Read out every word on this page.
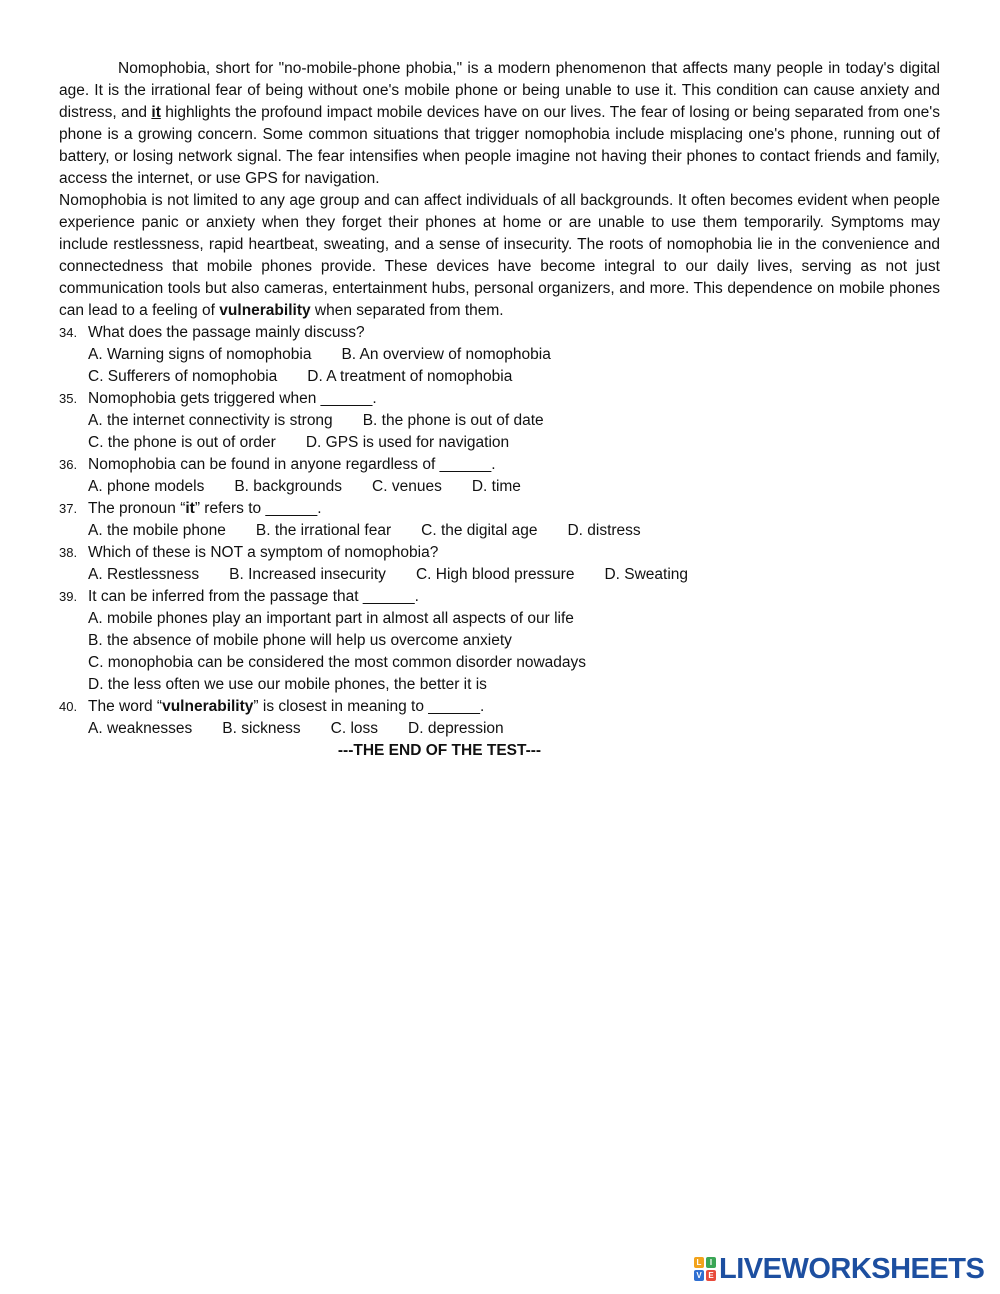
Nomophobia, short for "no-mobile-phone phobia," is a modern phenomenon that affects many people in today's digital age. It is the irrational fear of being without one's mobile phone or being unable to use it. This condition can cause anxiety and distress, and it highlights the profound impact mobile devices have on our lives. The fear of losing or being separated from one's phone is a growing concern. Some common situations that trigger nomophobia include misplacing one's phone, running out of battery, or losing network signal. The fear intensifies when people imagine not having their phones to contact friends and family, access the internet, or use GPS for navigation.

Nomophobia is not limited to any age group and can affect individuals of all backgrounds. It often becomes evident when people experience panic or anxiety when they forget their phones at home or are unable to use them temporarily. Symptoms may include restlessness, rapid heartbeat, sweating, and a sense of insecurity. The roots of nomophobia lie in the convenience and connectedness that mobile phones provide. These devices have become integral to our daily lives, serving as not just communication tools but also cameras, entertainment hubs, personal organizers, and more. This dependence on mobile phones can lead to a feeling of vulnerability when separated from them.

34. What does the passage mainly discuss?
A. Warning signs of nomophobia B. An overview of nomophobia
C. Sufferers of nomophobia D. A treatment of nomophobia
35. Nomophobia gets triggered when ______.
A. the internet connectivity is strong B. the phone is out of date
C. the phone is out of order D. GPS is used for navigation
36. Nomophobia can be found in anyone regardless of ______.
A. phone models B. backgrounds C. venues D. time
37. The pronoun “it” refers to ______.
A. the mobile phone B. the irrational fear C. the digital age D. distress
38. Which of these is NOT a symptom of nomophobia?
A. Restlessness B. Increased insecurity C. High blood pressure D. Sweating
39. It can be inferred from the passage that ______.
A. mobile phones play an important part in almost all aspects of our life
B. the absence of mobile phone will help us overcome anxiety
C. monophobia can be considered the most common disorder nowadays
D. the less often we use our mobile phones, the better it is
40. The word “vulnerability” is closest in meaning to ______.
A. weaknesses B. sickness C. loss D. depression
---THE END OF THE TEST---
L	I
V E LIVEWORKSHEETS
